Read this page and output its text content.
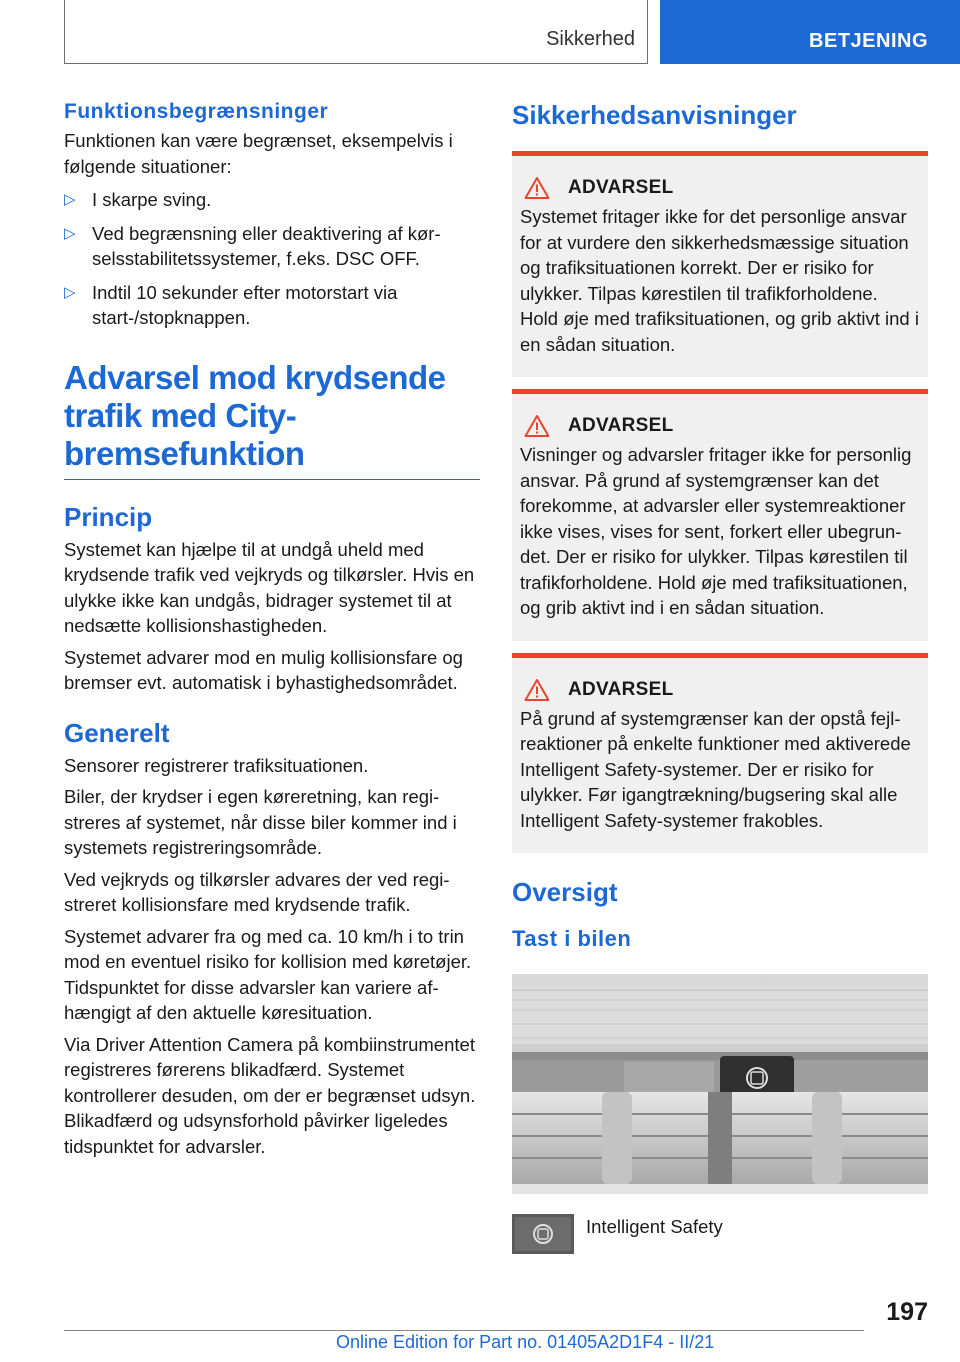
Sikkerhed	BETJENING
Funktionsbegrænsninger

Funktionen kan være begrænset, eksempelvis i følgende situationer:

▷ I skarpe sving.
▷ Ved begrænsning eller deaktivering af kørselsstabilitetssystemer, f.eks. DSC OFF.
▷ Indtil 10 sekunder efter motorstart via start-/stopknappen.
Advarsel mod krydsende trafik med City-bremsefunktion
Princip

Systemet kan hjælpe til at undgå uheld med krydsende trafik ved vejkryds og tilkørsler. Hvis en ulykke ikke kan undgås, bidrager systemet til at nedsætte kollisionshastigheden.

Systemet advarer mod en mulig kollisionsfare og bremser evt. automatisk i byhastighedsområdet.

Generelt

Sensorer registrerer trafiksituationen.

Biler, der krydser i egen køreretning, kan registreres af systemet, når disse biler kommer ind i systemets registreringsområde.

Ved vejkryds og tilkørsler advares der ved registreret kollisionsfare med krydsende trafik.

Systemet advarer fra og med ca. 10 km/h i to trin mod en eventuel risiko for kollision med køretøjer. Tidspunktet for disse advarsler kan variere afhængigt af den aktuelle køresituation.

Via Driver Attention Camera på kombiinstrumentet registreres førerens blikadfærd. Systemet kontrollerer desuden, om der er begrænset udsyn. Blikadfærd og udsynsforhold påvirker ligeledes tidspunktet for advarsler.

Sikkerhedsanvisninger
ADVARSEL

Systemet fritager ikke for det personlige ansvar for at vurdere den sikkerhedsmæssige situation og trafiksituationen korrekt. Der er risiko for ulykker. Tilpas kørestilen til trafikforholdene. Hold øje med trafiksituationen, og grib aktivt ind i en sådan situation.

ADVARSEL

Visninger og advarsler fritager ikke for personlig ansvar. På grund af systemgrænser kan det forekomme, at advarsler eller systemreaktioner ikke vises, vises for sent, forkert eller ubegrundet. Der er risiko for ulykker. Tilpas kørestilen til trafikforholdene. Hold øje med trafiksituationen, og grib aktivt ind i en sådan situation.

ADVARSEL

På grund af systemgrænser kan der opstå fejlreaktioner på enkelte funktioner med aktiverede Intelligent Safety-systemer. Der er risiko for ulykker. Før igangtrækning/bugsering skal alle Intelligent Safety-systemer frakobles.

Oversigt
Tast i bilen

Intelligent Safety

197
Online Edition for Part no. 01405A2D1F4 - II/21
